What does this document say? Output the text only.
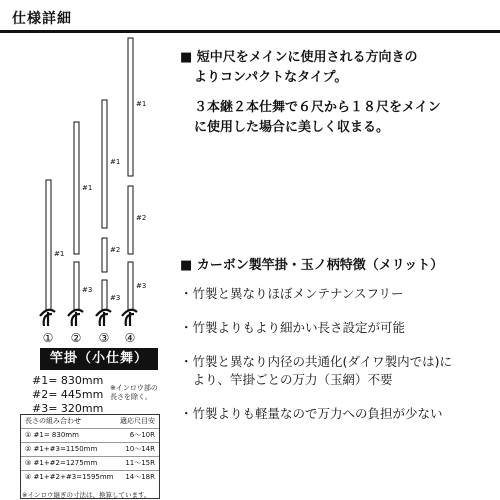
仕様詳細
■ 短中尺をメインに使用される方向きの
よりコンパクトなタイプ。
３本継２本仕舞で６尺から１８尺をメイン
に使用した場合に美しく収まる。
■ カーボン製竿掛・玉ノ柄特徴（メリット）
・竹製と異なりほぼメンテナンスフリー
・竹製よりもより細かい長さ設定が可能
・竹製と異なり内径の共通化(ダイワ製内では)に
　より、竿掛ごとの万力（玉網）不要
・竹製よりも軽量なので万力への負担が少ない
#1
#1
#3
#1
#2
#3
#1
#2
#3
① ② ③ ④
竿掛（小仕舞）
#1= 830mm
#2= 445mm
#3= 320mm
※インロウ部の長さを除く。
長さの組み合わせ	適応尺目安
① #1= 830mm	6〜10R
② #1+#3=1150mm	10〜14R
③ #1+#2=1275mm	11〜15R
④ #1+#2+#3=1595mm 14〜18R
※インロウ継ぎの寸法は、換算しています。
